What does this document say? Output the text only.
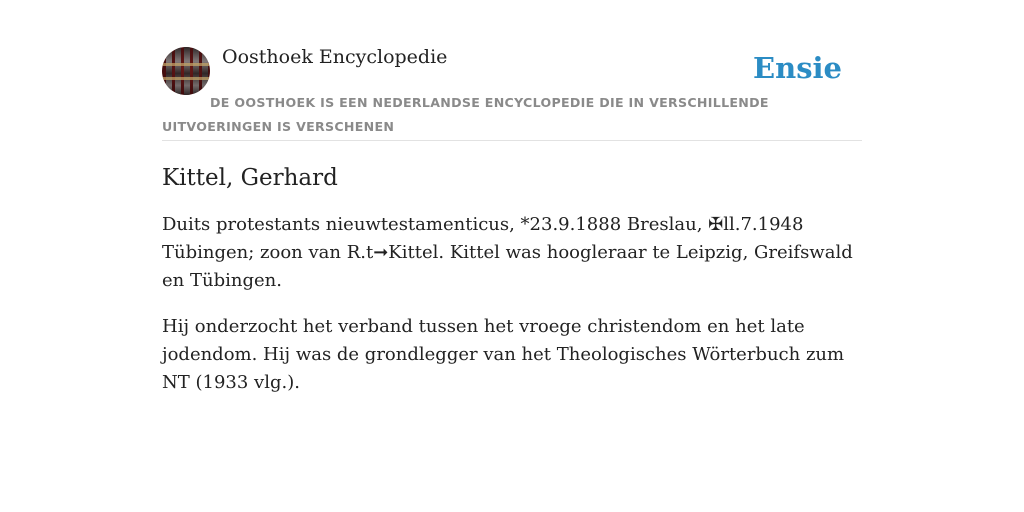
Oosthoek Encyclopedie	Ensie
DE OOSTHOEK IS EEN NEDERLANDSE ENCYCLOPEDIE DIE IN VERSCHILLENDE UITVOERINGEN IS VERSCHENEN
Kittel, Gerhard

Duits protestants nieuwtestamenticus, *23.9.1888 Breslau, ✠ll.7.1948 Tübingen; zoon van R.t➞Kittel. Kittel was hoogleraar te Leipzig, Greifswald en Tübingen.

Hij onderzocht het verband tussen het vroege christendom en het late jodendom. Hij was de grondlegger van het Theologisches Wörterbuch zum NT (1933 vlg.).
